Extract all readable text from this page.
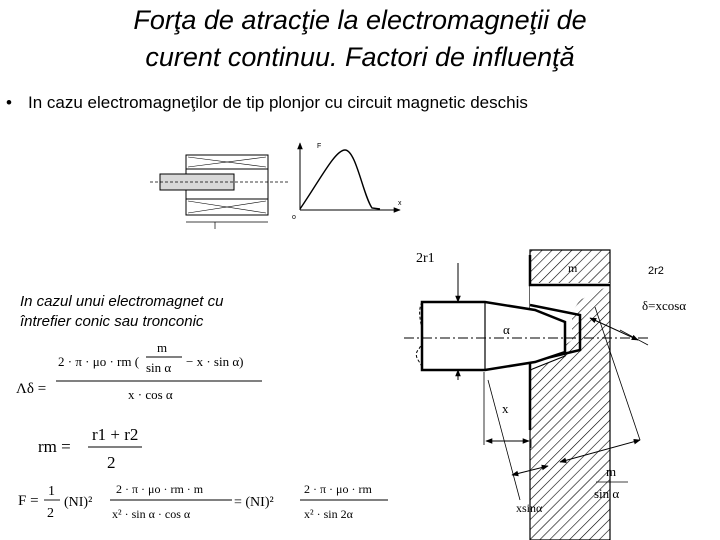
Forţa de atracţie la electromagneţii de
curent continuu. Factori de influenţă
• In cazu electromagneţilor de tip plonjor cu circuit magnetic deschis
In cazul unui electromagnet cu
întrefier conic sau tronconic
F
x
o
2r1
m	2r2
δ=xcosα
α
x
xsinα
m
sin α
Λδ =
2 · π · μo · rm (
m
sin α − x · sin α)
x · cos α
rm =
r1 + r2
2
F =
1
2
(NI)²
2 · π · μo · rm · m
x² · sin α · cos α
= (NI)²
2 · π · μo · rm
x² · sin 2α
